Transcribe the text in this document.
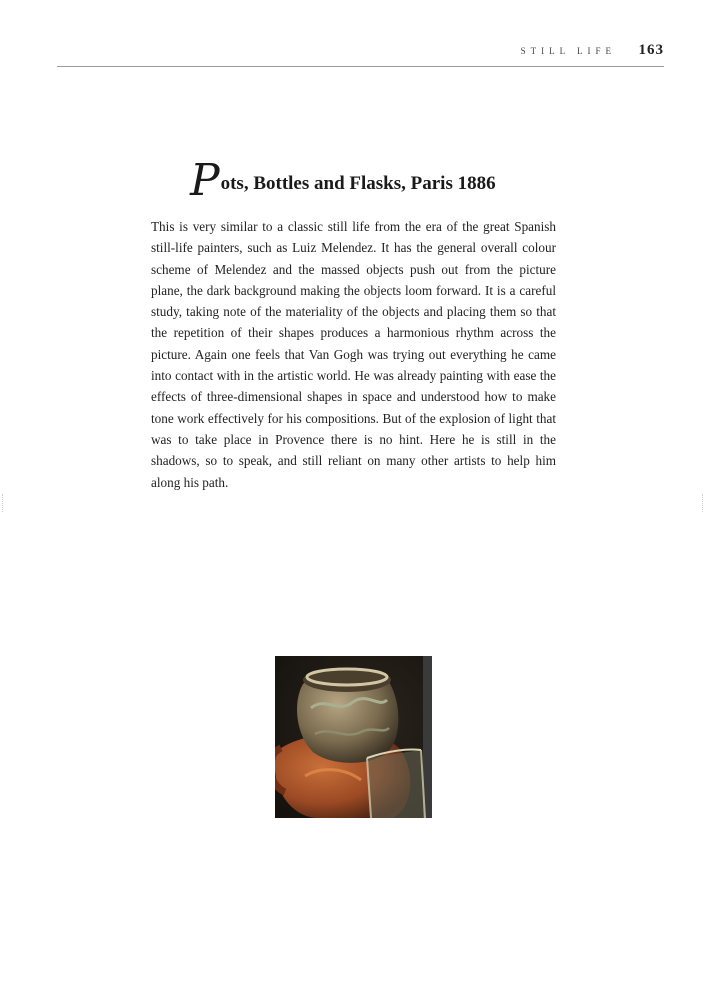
STILL LIFE 163
Pots, Bottles and Flasks, Paris 1886

This is very similar to a classic still life from the era of the great Spanish still-life painters, such as Luiz Melendez. It has the general overall colour scheme of Melendez and the massed objects push out from the picture plane, the dark background making the objects loom forward. It is a careful study, taking note of the materiality of the objects and placing them so that the repetition of their shapes produces a harmonious rhythm across the picture. Again one feels that Van Gogh was trying out everything he came into contact with in the artistic world. He was already painting with ease the effects of three-dimensional shapes in space and understood how to make tone work effectively for his compositions. But of the explosion of light that was to take place in Provence there is no hint. Here he is still in the shadows, so to speak, and still reliant on many other artists to help him along his path.
